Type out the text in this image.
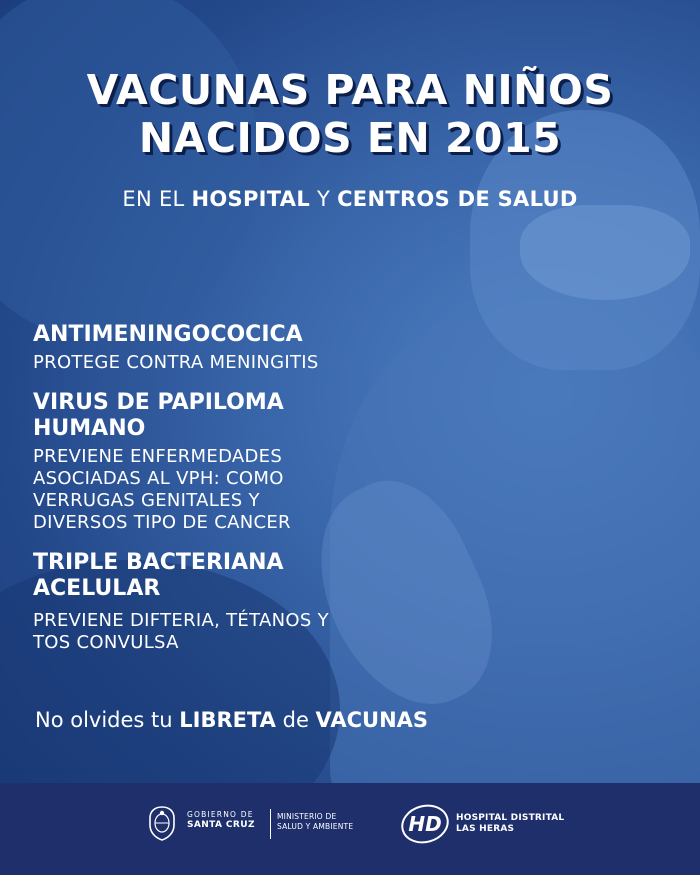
VACUNAS PARA NIÑOS
NACIDOS EN 2015
EN EL HOSPITAL Y CENTROS DE SALUD
ANTIMENINGOCOCICA
PROTEGE CONTRA MENINGITIS
VIRUS DE PAPILOMA
HUMANO
PREVIENE ENFERMEDADES
ASOCIADAS AL VPH: COMO
VERRUGAS GENITALES Y
DIVERSOS TIPO DE CANCER
TRIPLE BACTERIANA
ACELULAR
PREVIENE DIFTERIA, TÉTANOS Y
TOS CONVULSA
No olvides tu LIBRETA de VACUNAS
GOBIERNO DE
SANTA CRUZ
MINISTERIO DE
SALUD Y AMBIENTE	HD HOSPITAL DISTRITAL
LAS HERAS
